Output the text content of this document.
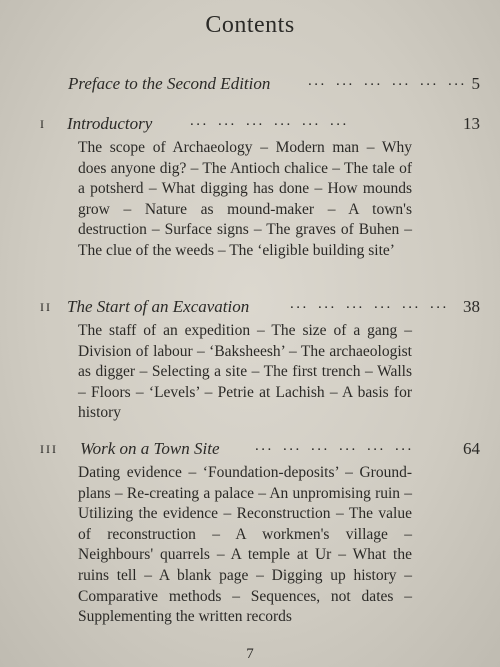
Contents
Preface to the Second Edition	... ... ... ... ... ... 5
I Introductory	... ... ... ... ... ...	13
The scope of Archaeology – Modern man – Why does anyone dig? – The Antioch chalice – The tale of a potsherd – What digging has done – How mounds grow – Nature as mound-maker – A town's destruction – Surface signs – The graves of Buhen – The clue of the weeds – The ‘eligible building site’
II The Start of an Excavation	... ... ... ... ... ... 38
The staff of an expedition – The size of a gang – Division of labour – ‘Baksheesh’ – The archaeologist as digger – Selecting a site – The first trench – Walls – Floors – ‘Levels’ – Petrie at Lachish – A basis for history
III Work on a Town Site ... ... ... ... ... ...	64
Dating evidence – ‘Foundation-deposits’ – Ground-plans – Re-creating a palace – An unpromising ruin – Utilizing the evidence – Reconstruction – The value of reconstruction – A workmen's village – Neighbours' quarrels – A temple at Ur – What the ruins tell – A blank page – Digging up history – Comparative methods – Sequences, not dates – Supplementing the written records
7
